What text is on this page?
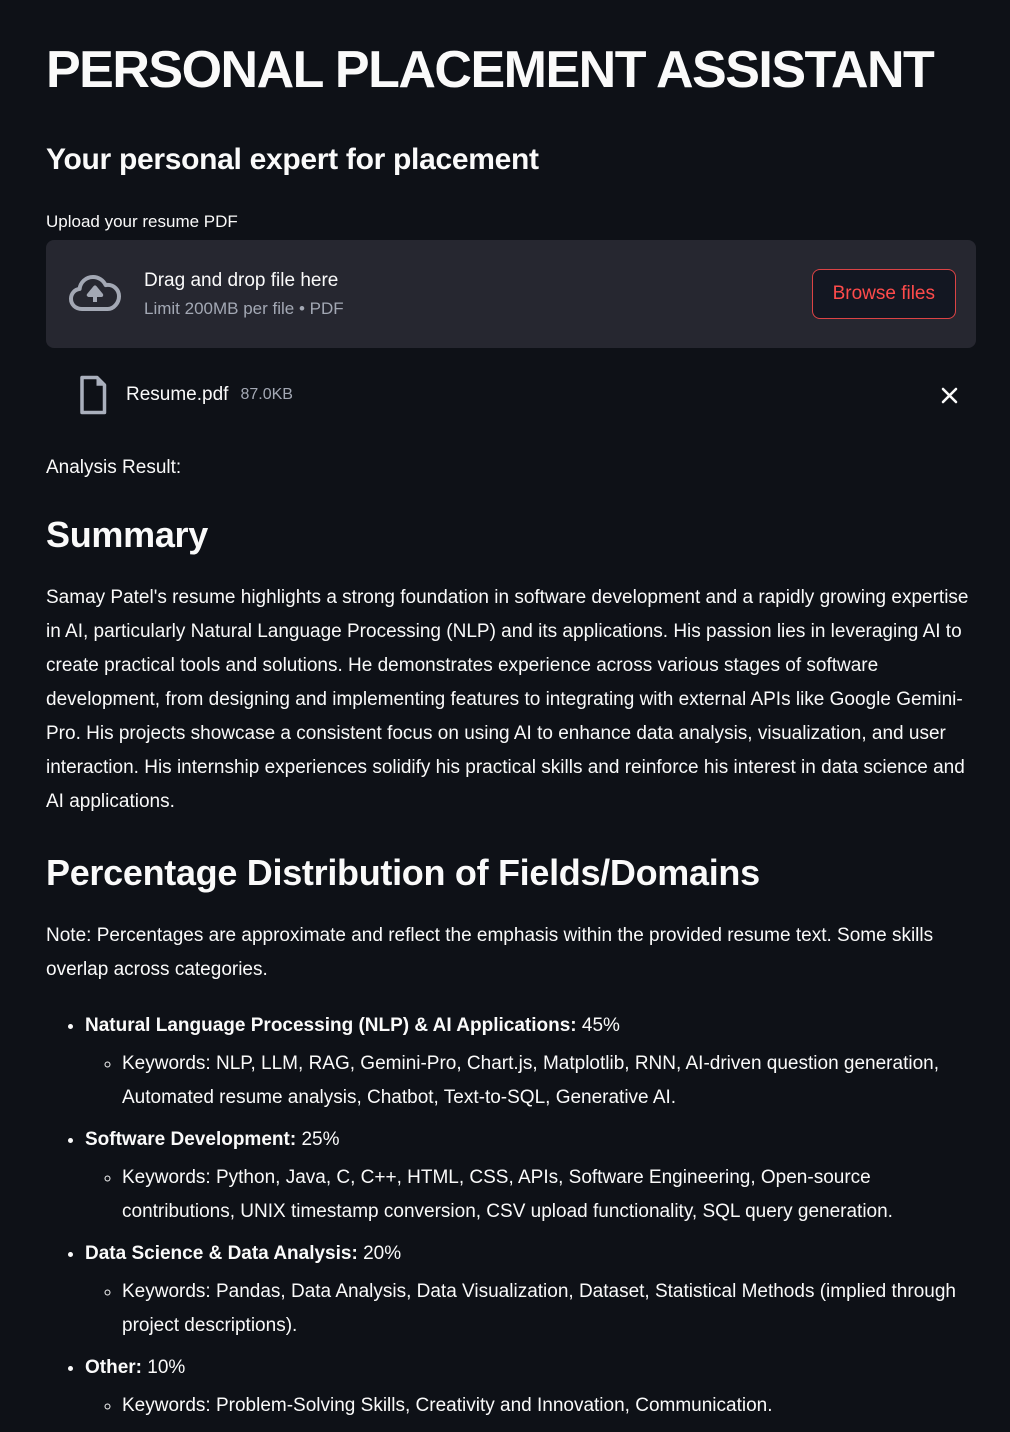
PERSONAL PLACEMENT ASSISTANT
Your personal expert for placement
Upload your resume PDF
Drag and drop file here
Limit 200MB per file • PDF
Browse files
Resume.pdf 87.0KB

Analysis Result:

Summary

Samay Patel's resume highlights a strong foundation in software development and a rapidly growing expertise in AI, particularly Natural Language Processing (NLP) and its applications. His passion lies in leveraging AI to create practical tools and solutions. He demonstrates experience across various stages of software development, from designing and implementing features to integrating with external APIs like Google Gemini-Pro. His projects showcase a consistent focus on using AI to enhance data analysis, visualization, and user interaction. His internship experiences solidify his practical skills and reinforce his interest in data science and AI applications.

Percentage Distribution of Fields/Domains

Note: Percentages are approximate and reflect the emphasis within the provided resume text. Some skills overlap across categories.

• Natural Language Processing (NLP) & AI Applications: 45%
◦ Keywords: NLP, LLM, RAG, Gemini-Pro, Chart.js, Matplotlib, RNN, AI-driven question generation, Automated resume analysis, Chatbot, Text-to-SQL, Generative AI.
• Software Development: 25%
◦ Keywords: Python, Java, C, C++, HTML, CSS, APIs, Software Engineering, Open-source contributions, UNIX timestamp conversion, CSV upload functionality, SQL query generation.
• Data Science & Data Analysis: 20%
◦ Keywords: Pandas, Data Analysis, Data Visualization, Dataset, Statistical Methods (implied through project descriptions).
• Other: 10%
◦ Keywords: Problem-Solving Skills, Creativity and Innovation, Communication.
